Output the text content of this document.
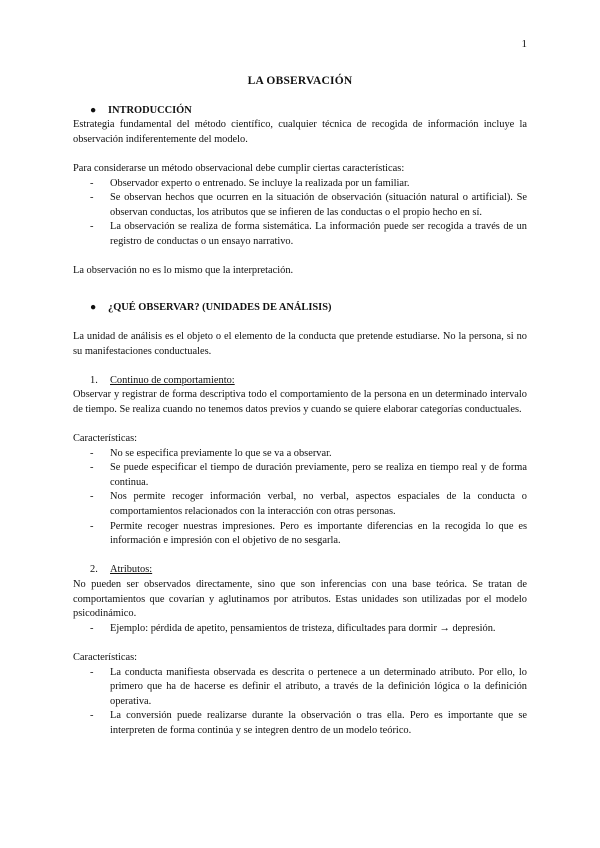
1
LA OBSERVACIÓN
● INTRODUCCIÓN

Estrategia fundamental del método científico, cualquier técnica de recogida de información incluye la observación indiferentemente del modelo.

Para considerarse un método observacional debe cumplir ciertas características:

- Observador experto o entrenado. Se incluye la realizada por un familiar.
- Se observan hechos que ocurren en la situación de observación (situación natural o artificial). Se observan conductas, los atributos que se infieren de las conductas o el propio hecho en sí.
- La observación se realiza de forma sistemática. La información puede ser recogida a través de un registro de conductas o un ensayo narrativo.

La observación no es lo mismo que la interpretación.

● ¿QUÉ OBSERVAR? (UNIDADES DE ANÁLISIS)

La unidad de análisis es el objeto o el elemento de la conducta que pretende estudiarse. No la persona, si no su manifestaciones conductuales.

1. Continuo de comportamiento:

Observar y registrar de forma descriptiva todo el comportamiento de la persona en un determinado intervalo de tiempo. Se realiza cuando no tenemos datos previos y cuando se quiere elaborar categorías conductuales.

Características:

- No se especifica previamente lo que se va a observar.
- Se puede especificar el tiempo de duración previamente, pero se realiza en tiempo real y de forma continua.
- Nos permite recoger información verbal, no verbal, aspectos espaciales de la conducta o comportamientos relacionados con la interacción con otras personas.
- Permite recoger nuestras impresiones. Pero es importante diferencias en la recogida lo que es información e impresión con el objetivo de no sesgarla.
2. Atributos:

No pueden ser observados directamente, sino que son inferencias con una base teórica. Se tratan de comportamientos que covarían y aglutinamos por atributos. Estas unidades son utilizadas por el modelo psicodinámico.

- Ejemplo: pérdida de apetito, pensamientos de tristeza, dificultades para dormir → depresión.

Características:

- La conducta manifiesta observada es descrita o pertenece a un determinado atributo. Por ello, lo primero que ha de hacerse es definir el atributo, a través de la definición lógica o la definición operativa.
- La conversión puede realizarse durante la observación o tras ella. Pero es importante que se interpreten de forma continúa y se integren dentro de un modelo teórico.
